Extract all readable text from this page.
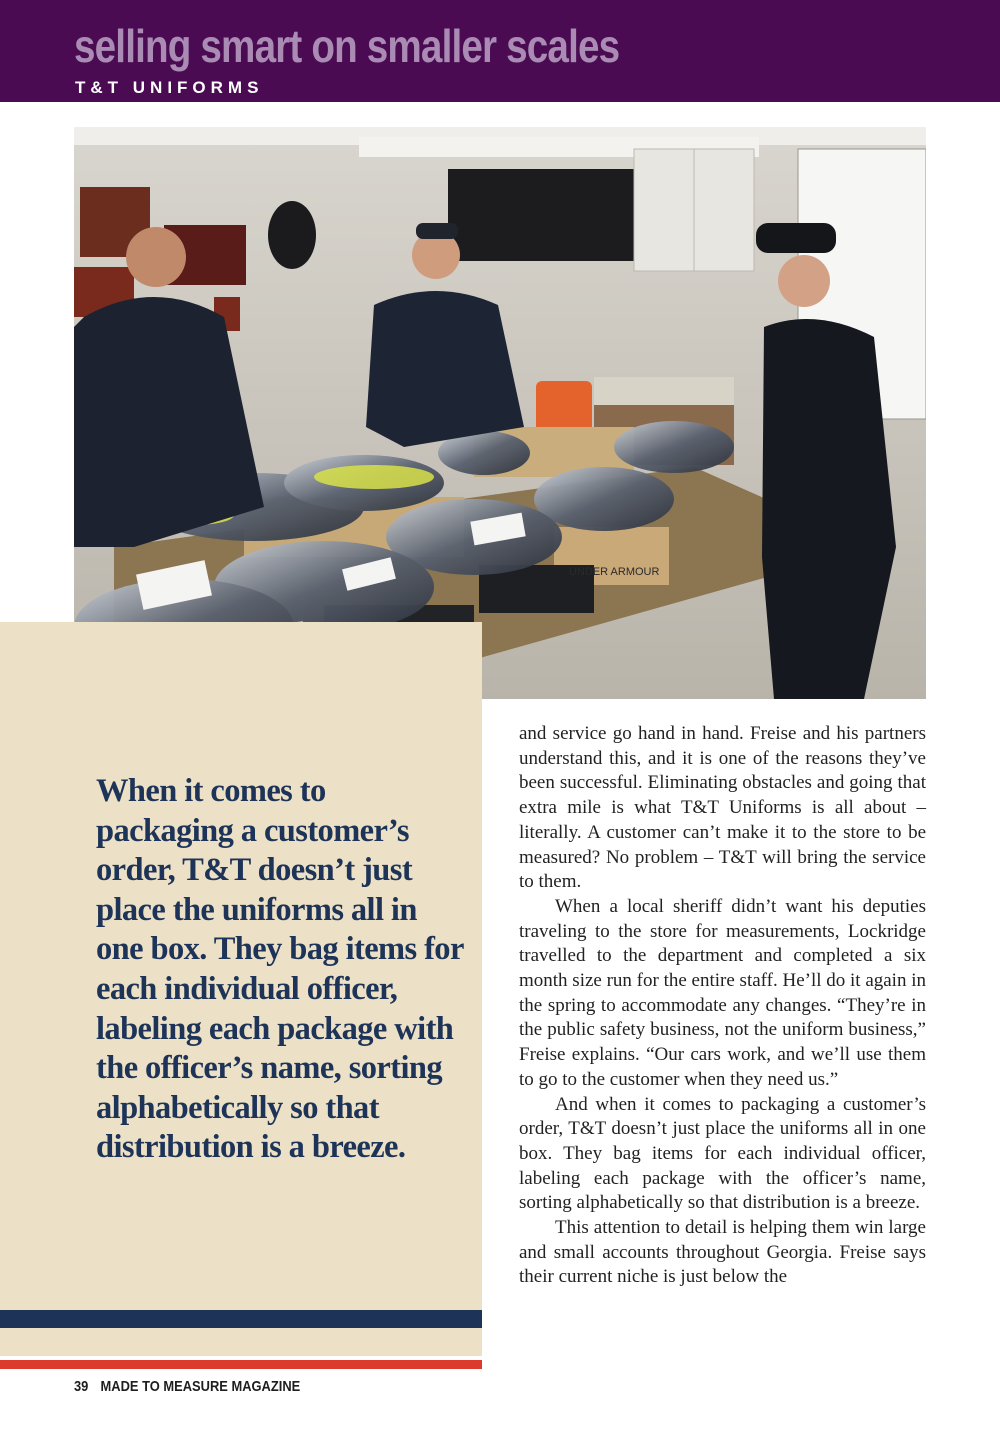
selling smart on smaller scales
T&T UNIFORMS
UNDER ARMOUR

When it comes to packaging a customer’s order, T&T doesn’t just place the uniforms all in one box. They bag items for each individual officer, labeling each package with the officer’s name, sorting alphabetically so that distribution is a breeze.

and service go hand in hand. Freise and his partners understand this, and it is one of the reasons they’ve been successful. Eliminating obstacles and going that extra mile is what T&T Uniforms is all about – literally. A customer can’t make it to the store to be measured? No problem – T&T will bring the service to them.

When a local sheriff didn’t want his deputies traveling to the store for measurements, Lockridge travelled to the department and completed a six month size run for the entire staff. He’ll do it again in the spring to accommodate any changes. “They’re in the public safety business, not the uniform business,” Freise explains. “Our cars work, and we’ll use them to go to the customer when they need us.”

And when it comes to packaging a customer’s order, T&T doesn’t just place the uniforms all in one box. They bag items for each individual officer, labeling each package with the officer’s name, sorting alphabetically so that distribution is a breeze.

This attention to detail is helping them win large and small accounts throughout Georgia. Freise says their current niche is just below the

39 MADE TO MEASURE MAGAZINE
